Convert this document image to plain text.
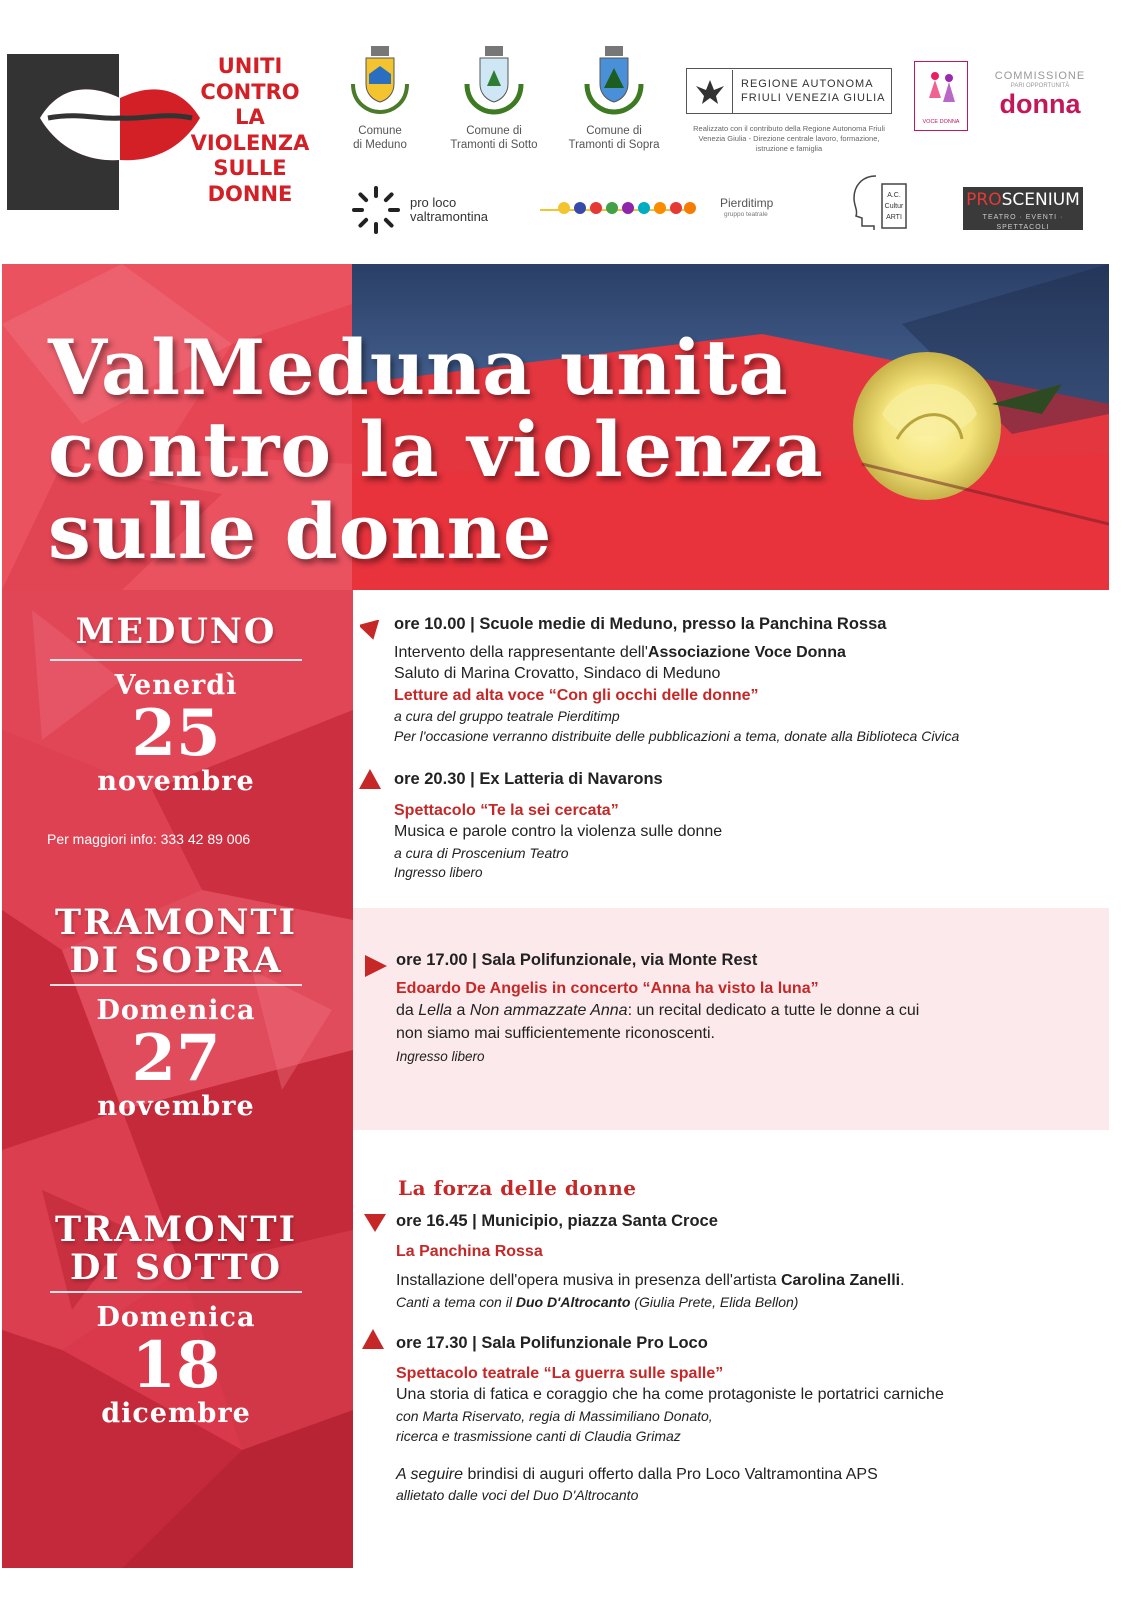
UNITI
CONTRO
LA
VIOLENZA
SULLE
DONNE
Comune
di Meduno
Comune di
Tramonti di Sotto
Comune di
Tramonti di Sopra
REGIONE AUTONOMA
FRIULI VENEZIA GIULIA
Realizzato con il contributo della Regione Autonoma Friuli Venezia Giulia - Direzione centrale lavoro, formazione, istruzione e famiglia
VOCE DONNA
COMMISSIONE
PARI OPPORTUNITÀ
donna
pro loco
valtramontina
Pierditimp
gruppo teatrale
A.C.
Cultur
ARTI
PROSCENIUM
TEATRO · EVENTI · SPETTACOLI
ValMeduna unita
contro la violenza
sulle donne
MEDUNO
Venerdì
25
novembre
Per maggiori info: 333 42 89 006
TRAMONTI
DI SOPRA
Domenica
27
novembre
TRAMONTI
DI SOTTO
Domenica
18
dicembre
ore 10.00 | Scuole medie di Meduno, presso la Panchina Rossa
Intervento della rappresentante dell'Associazione Voce Donna
Saluto di Marina Crovatto, Sindaco di Meduno
Letture ad alta voce “Con gli occhi delle donne”
a cura del gruppo teatrale Pierditimp
Per l'occasione verranno distribuite delle pubblicazioni a tema, donate alla Biblioteca Civica
ore 20.30 | Ex Latteria di Navarons
Spettacolo “Te la sei cercata”
Musica e parole contro la violenza sulle donne
a cura di Proscenium Teatro
Ingresso libero
ore 17.00 | Sala Polifunzionale, via Monte Rest
Edoardo De Angelis in concerto “Anna ha visto la luna”
da Lella a Non ammazzate Anna: un recital dedicato a tutte le donne a cui
non siamo mai sufficientemente riconoscenti.
Ingresso libero
La forza delle donne
ore 16.45 | Municipio, piazza Santa Croce
La Panchina Rossa
Installazione dell'opera musiva in presenza dell'artista Carolina Zanelli.
Canti a tema con il Duo D'Altrocanto (Giulia Prete, Elida Bellon)
ore 17.30 | Sala Polifunzionale Pro Loco
Spettacolo teatrale “La guerra sulle spalle”
Una storia di fatica e coraggio che ha come protagoniste le portatrici carniche
con Marta Riservato, regia di Massimiliano Donato,
ricerca e trasmissione canti di Claudia Grimaz
A seguire brindisi di auguri offerto dalla Pro Loco Valtramontina APS
allietato dalle voci del Duo D'Altrocanto
